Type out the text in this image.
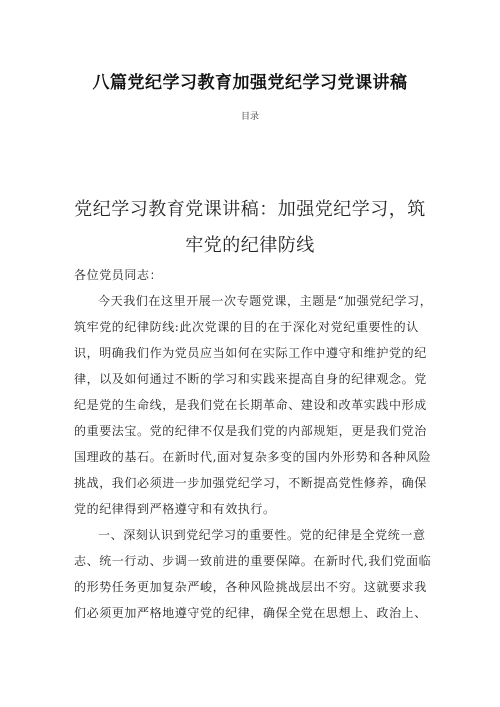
八篇党纪学习教育加强党纪学习党课讲稿
目录
党纪学习教育党课讲稿：加强党纪学习，筑
牢党的纪律防线
各位党员同志：
今天我们在这里开展一次专题党课，主题是“加强党纪学习，
筑牢党的纪律防线:此次党课的目的在于深化对党纪重要性的认
识，明确我们作为党员应当如何在实际工作中遵守和维护党的纪
律，以及如何通过不断的学习和实践来提高自身的纪律观念。党
纪是党的生命线，是我们党在长期革命、建设和改革实践中形成
的重要法宝。党的纪律不仅是我们党的内部规矩，更是我们党治
国理政的基石。在新时代,面对复杂多变的国内外形势和各种风险
挑战，我们必须进一步加强党纪学习，不断提高党性修养，确保
党的纪律得到严格遵守和有效执行。
一、深刻认识到党纪学习的重要性。党的纪律是全党统一意
志、统一行动、步调一致前进的重要保障。在新时代,我们党面临
的形势任务更加复杂严峻，各种风险挑战层出不穷。这就要求我
们必须更加严格地遵守党的纪律，确保全党在思想上、政治上、
